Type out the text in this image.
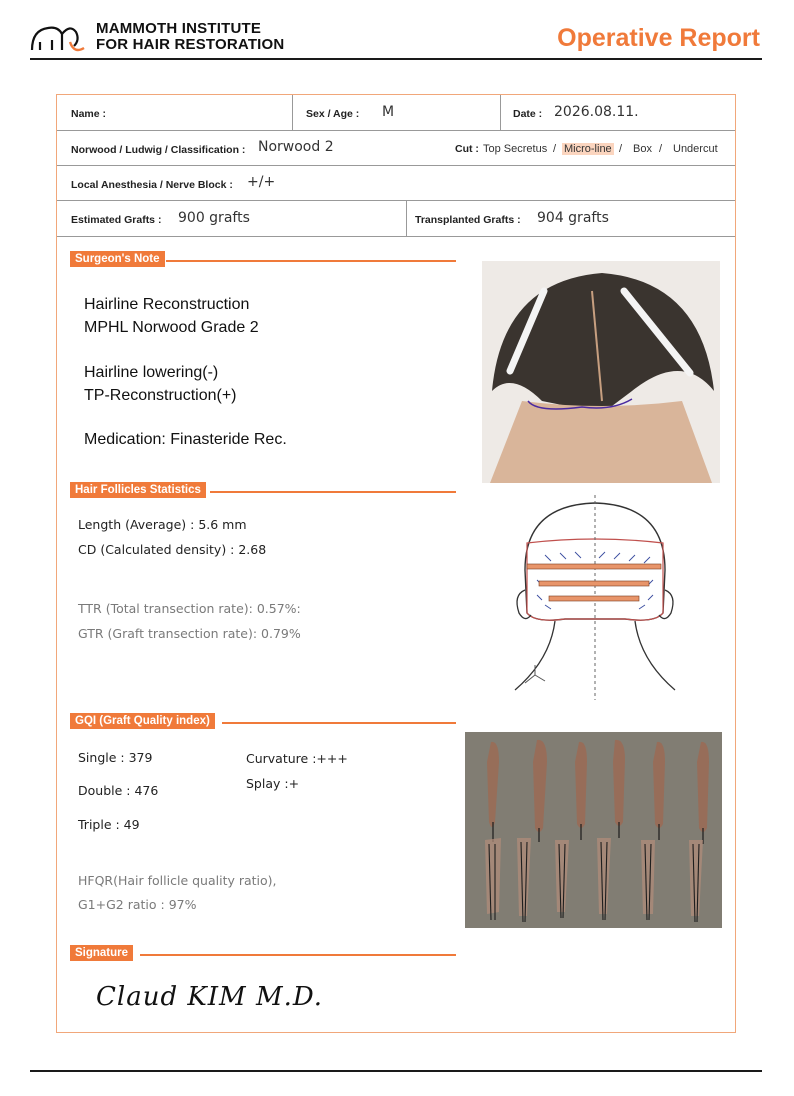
MAMMOTH INSTITUTE
FOR HAIR RESTORATION	Operative Report
Name :	Sex / Age : M	Date : 2026.08.11.
Norwood / Ludwig / Classification : Norwood 2	Cut : Top Secretus / Micro-line / Box / Undercut
Local Anesthesia / Nerve Block : +/+
Estimated Grafts : 900 grafts	Transplanted Grafts : 904 grafts
Surgeon's Note
Hairline Reconstruction
MPHL Norwood Grade 2
Hairline lowering(-)
TP-Reconstruction(+)
Medication: Finasteride Rec.
Hair Follicles Statistics
Length (Average) : 5.6 mm
CD (Calculated density) : 2.68
TTR (Total transection rate): 0.57%:
GTR (Graft transection rate): 0.79%
GQI (Graft Quality index)
Single : 379
Double : 476
Triple : 49
Curvature :+++
Splay :+
HFQR(Hair follicle quality ratio),
G1+G2 ratio : 97%
Signature
Claud KIM M.D.
